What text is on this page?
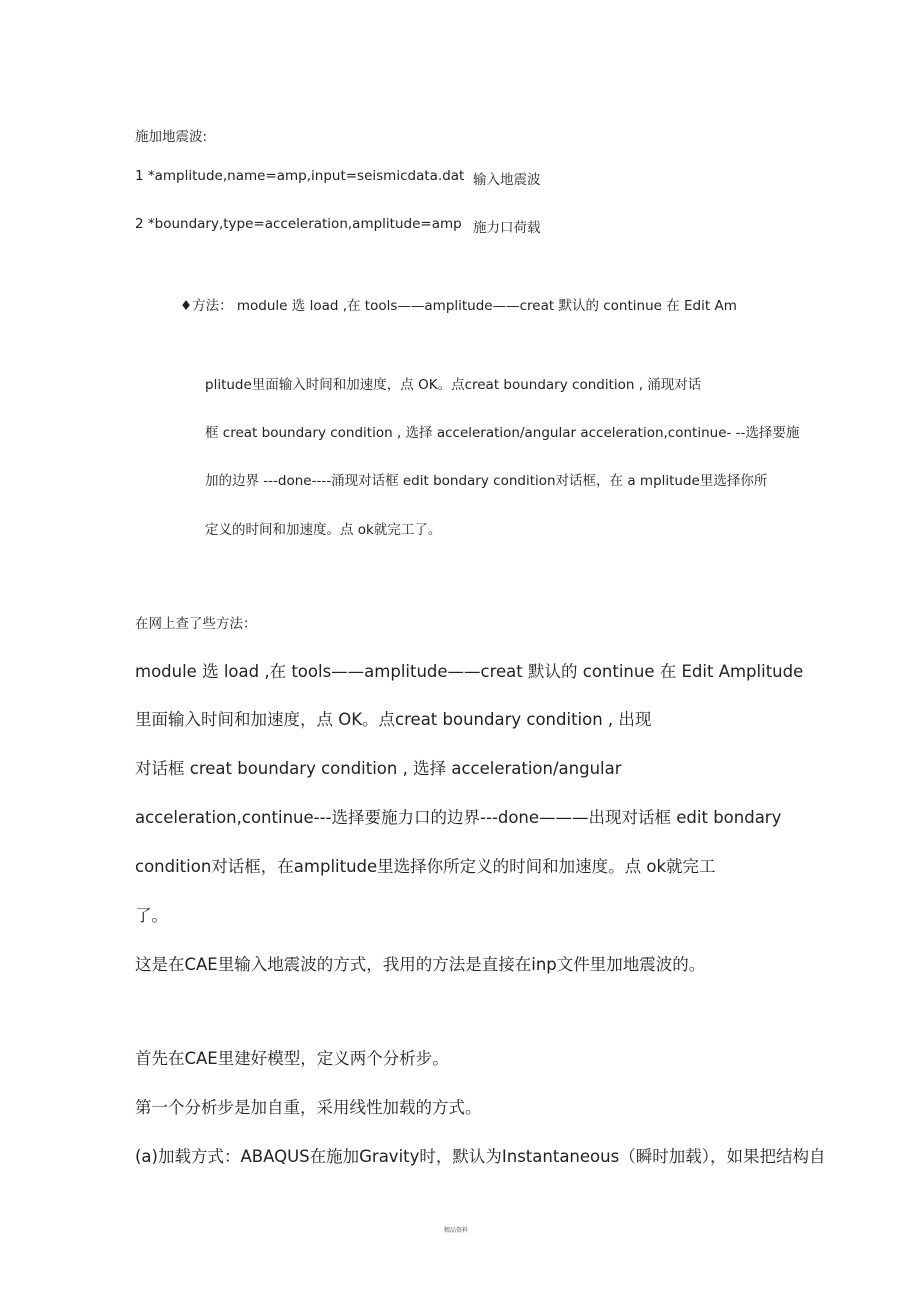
施加地震波:
1 *amplitude,name=amp,input=seismicdata.dat 输入地震波
2 *boundary,type=acceleration,amplitude=amp 施力口荷载
♦方法： module 选 load ,在 tools——amplitude——creat 默认的 continue 在 Edit Am
plitude里面输入时间和加速度，点 OK。点creat boundary condition , 涌现对话
框 creat boundary condition , 选择 acceleration/angular acceleration,continue- --选择要施
加的边界 ---done----涌现对话框 edit bondary condition对话框，在 a mplitude里选择你所
定义的时间和加速度。点 ok就完工了。
在网上查了些方法：
module 选 load ,在 tools——amplitude——creat 默认的 continue 在 Edit Amplitude
里面输入时间和加速度，点 OK。点creat boundary condition , 出现
对话框 creat boundary condition , 选择 acceleration/angular
acceleration,continue---选择要施力口的边界---done———出现对话框 edit bondary
condition对话框，在amplitude里选择你所定义的时间和加速度。点 ok就完工
了。
这是在CAE里输入地震波的方式，我用的方法是直接在inp文件里加地震波的。
首先在CAE里建好模型，定义两个分析步。
第一个分析步是加自重，采用线性加载的方式。
(a)加载方式：ABAQUS在施加Gravity时，默认为Instantaneous（瞬时加载），如果把结构自
精品资料
